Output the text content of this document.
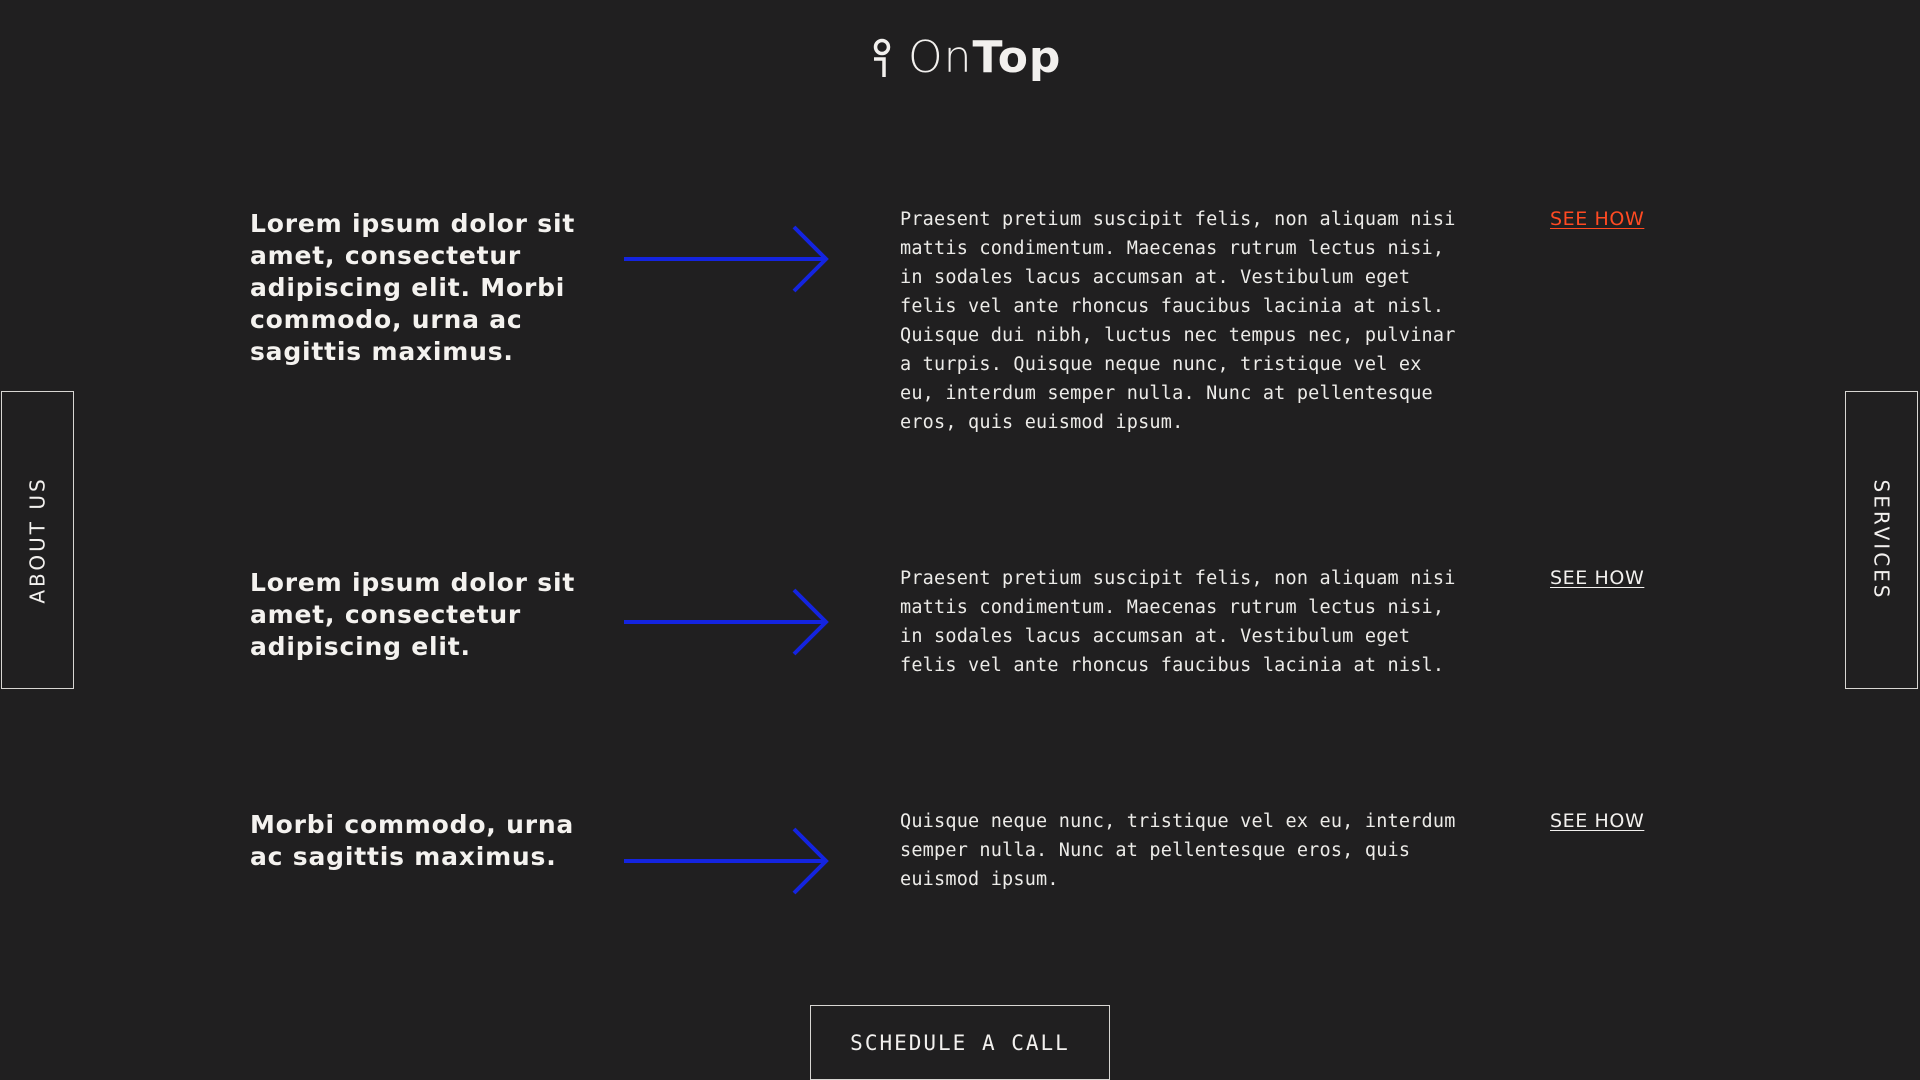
OnTop
Lorem ipsum dolor sit amet, consectetur adipiscing elit. Morbi commodo, urna ac sagittis maximus.

Praesent pretium suscipit felis, non aliquam nisi mattis condimentum. Maecenas rutrum lectus nisi, in sodales lacus accumsan at. Vestibulum eget felis vel ante rhoncus faucibus lacinia at nisl. Quisque dui nibh, luctus nec tempus nec, pulvinar a turpis. Quisque neque nunc, tristique vel ex eu, interdum semper nulla. Nunc at pellentesque eros, quis euismod ipsum.

SEE HOW
Lorem ipsum dolor sit amet, consectetur adipiscing elit.

Praesent pretium suscipit felis, non aliquam nisi mattis condimentum. Maecenas rutrum lectus nisi, in sodales lacus accumsan at. Vestibulum eget felis vel ante rhoncus faucibus lacinia at nisl.

SEE HOW
Morbi commodo, urna ac sagittis maximus.

Quisque neque nunc, tristique vel ex eu, interdum semper nulla. Nunc at pellentesque eros, quis euismod ipsum.

SEE HOW
ABOUT US	SERVICES
SCHEDULE A CALL
